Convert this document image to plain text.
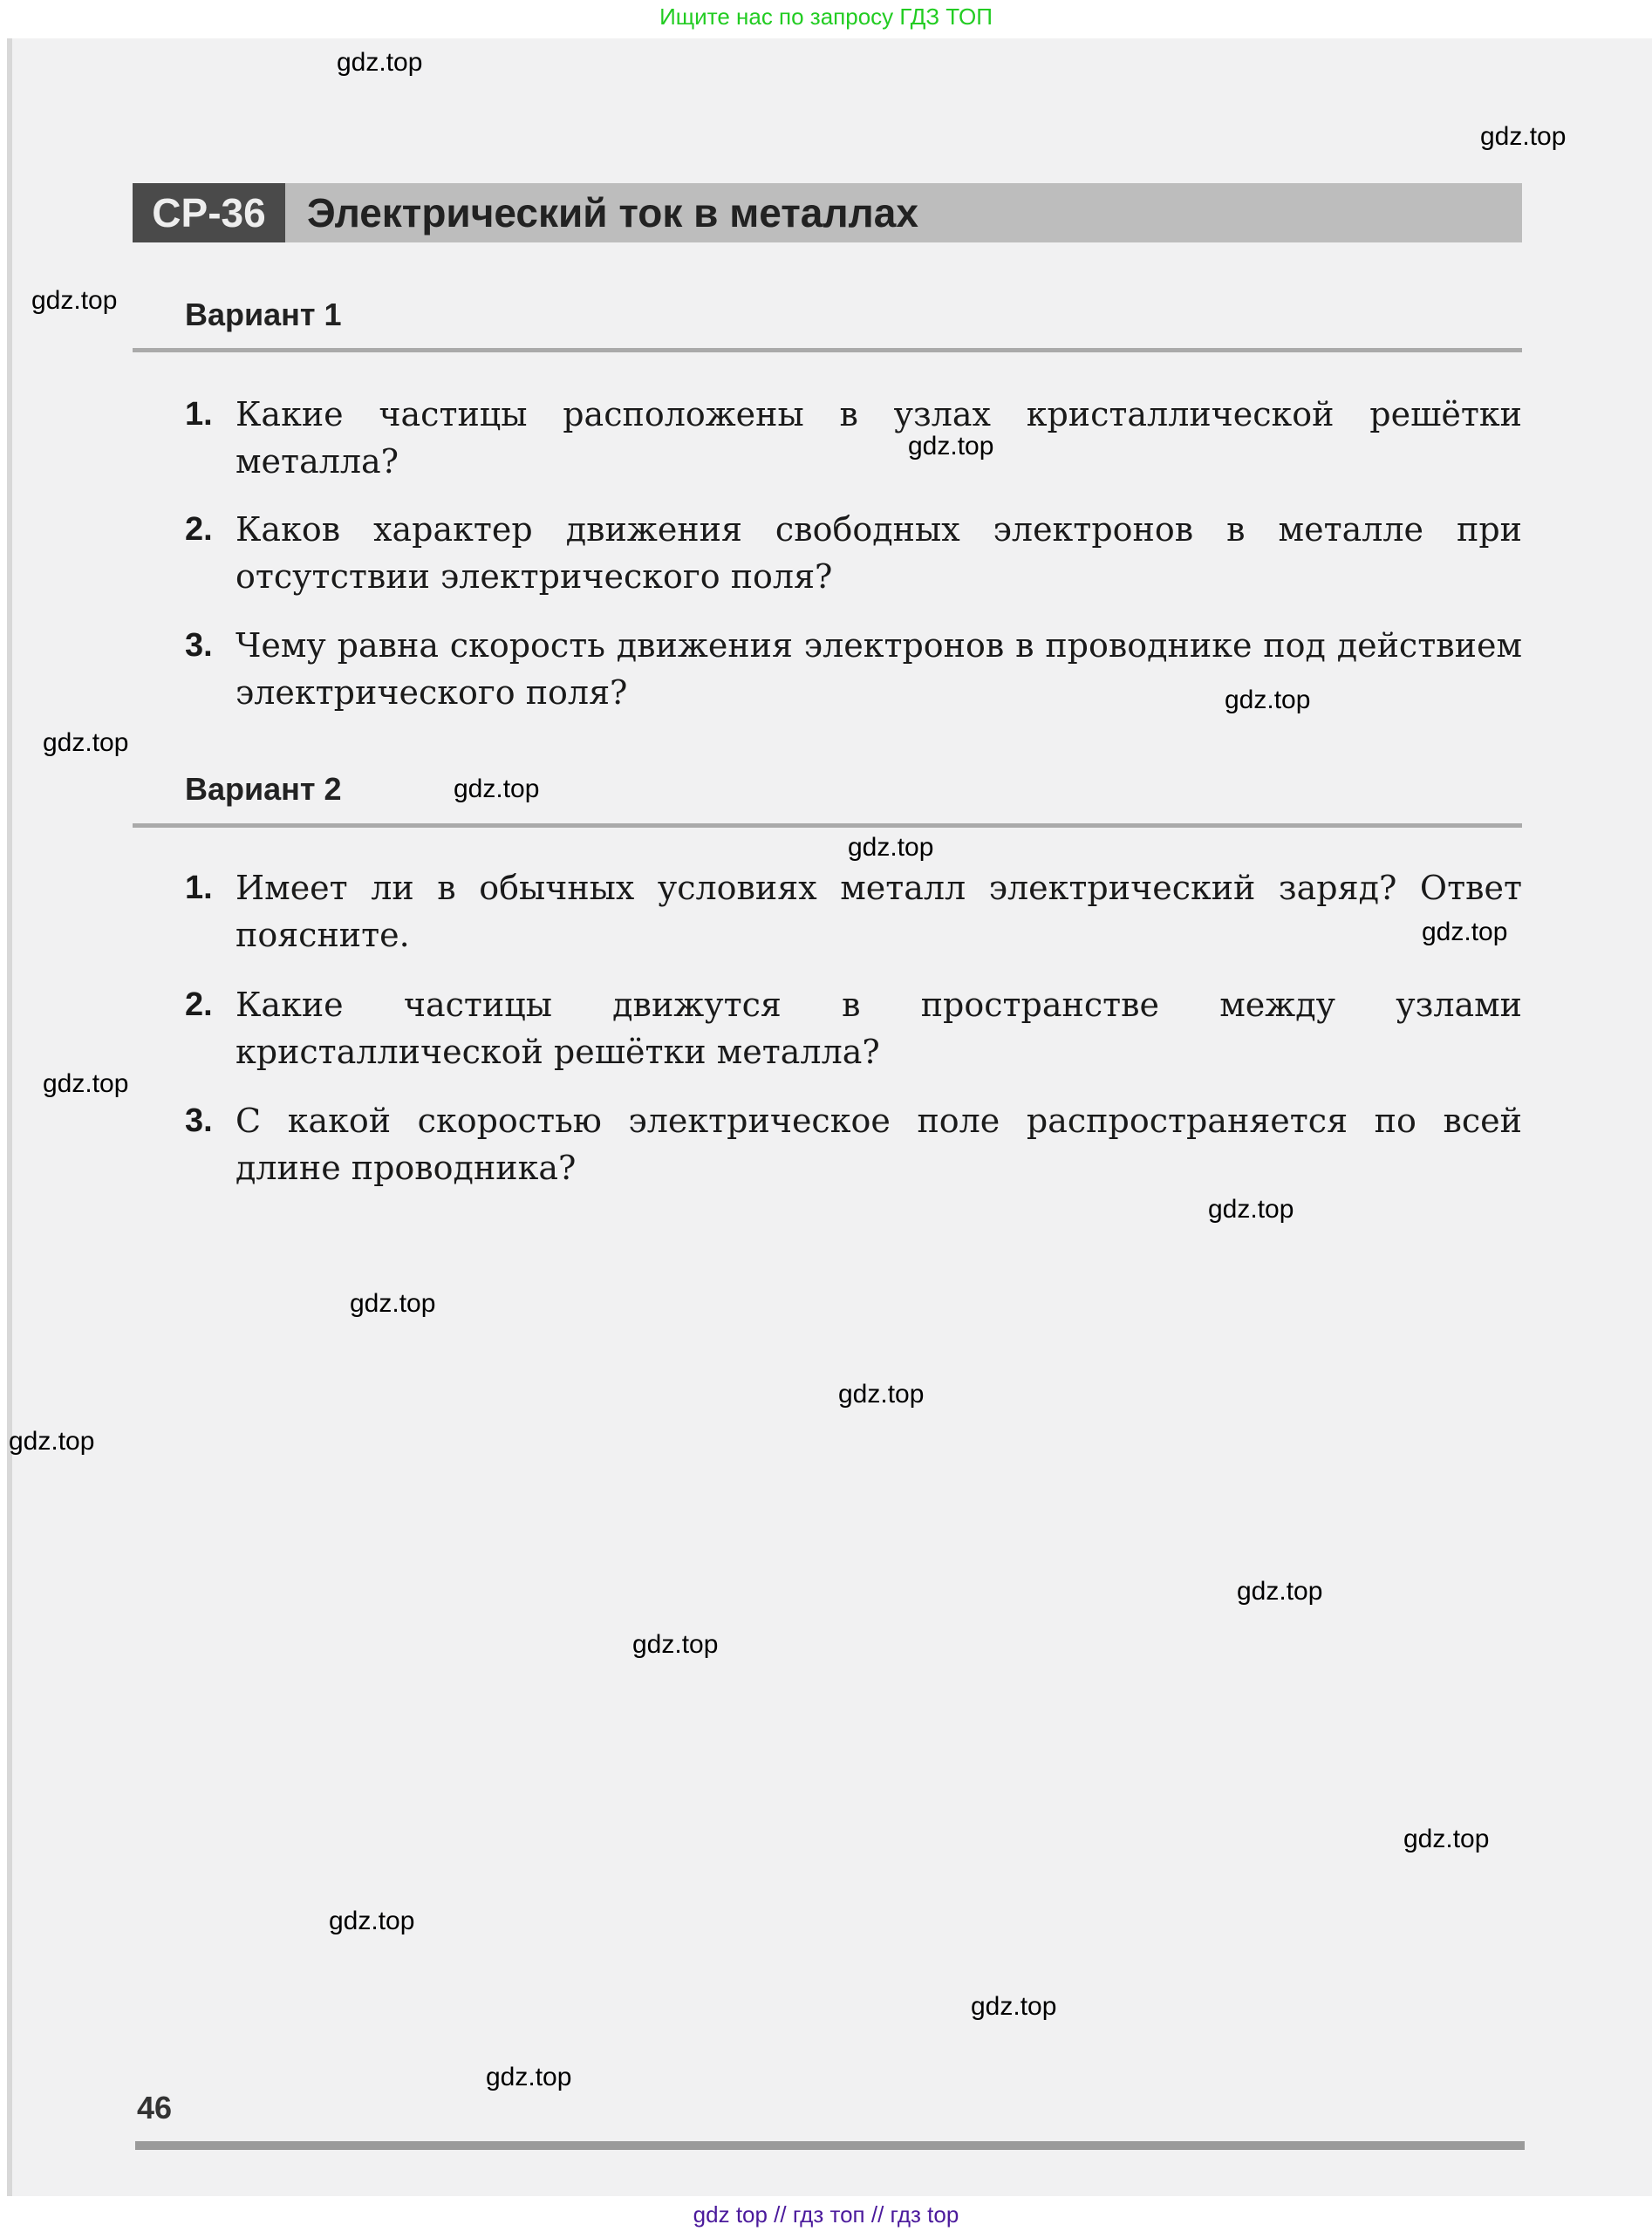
Ищите нас по запросу ГДЗ ТОП
СР-36	Электрический ток в металлах
Вариант 1
1. Какие частицы расположены в узлах кристаллической решётки металла?
2. Каков характер движения свободных электронов в металле при отсутствии электрического поля?
3. Чему равна скорость движения электронов в проводнике под действием электрического поля?
Вариант 2
1. Имеет ли в обычных условиях металл электрический заряд? Ответ поясните.
2. Какие частицы движутся в пространстве между узлами кристаллической решётки металла?
3. С какой скоростью электрическое поле распространяется по всей длине проводника?
46
gdz.top
gdz.top
gdz.top
gdz.top
gdz.top
gdz.top
gdz.top
gdz.top
gdz.top
gdz.top
gdz.top
gdz.top
gdz.top
gdz.top
gdz.top
gdz.top
gdz.top
gdz.top
gdz.top
gdz.top
gdz top // гдз топ // гдз top
